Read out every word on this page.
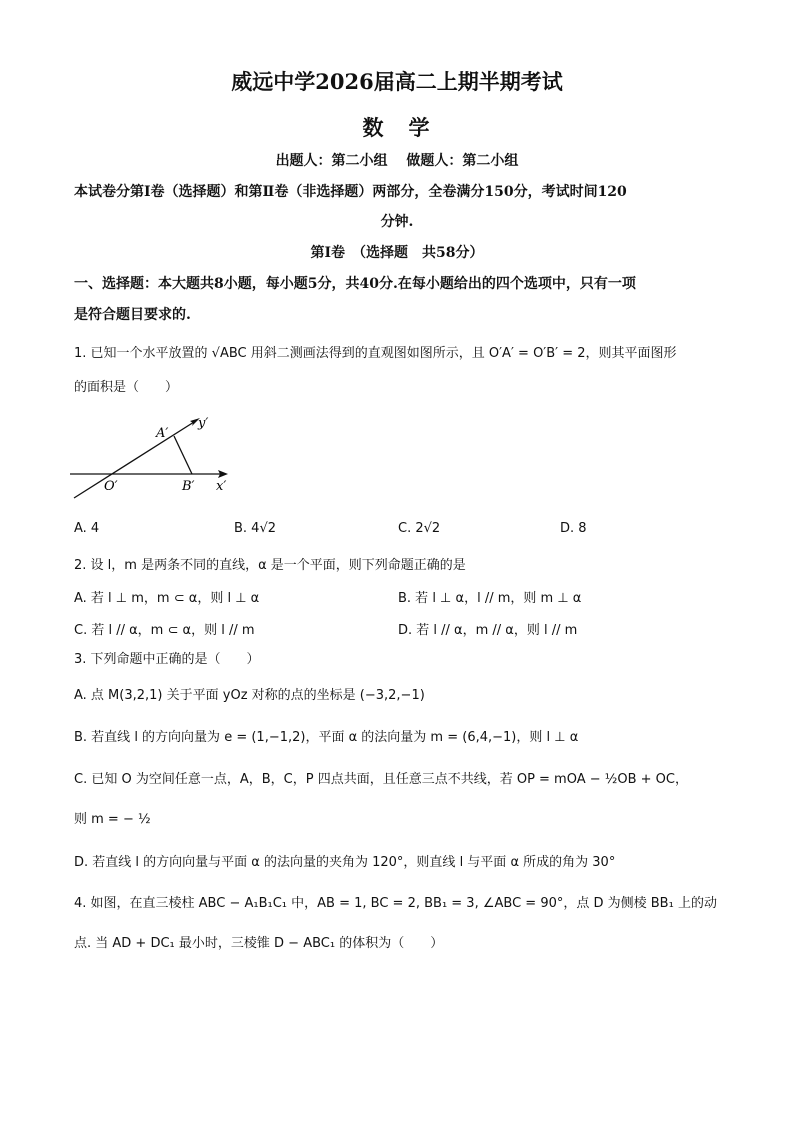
威远中学2026届高二上期半期考试
数　学
出题人：第二小组　 做题人：第二小组
本试卷分第Ⅰ卷（选择题）和第Ⅱ卷（非选择题）两部分，全卷满分150分，考试时间120
分钟.
第Ⅰ卷　（选择题　共58分）
一、选择题：本大题共8小题，每小题5分，共40分.在每小题给出的四个选项中，只有一项
是符合题目要求的.
1. 已知一个水平放置的 √ABC 用斜二测画法得到的直观图如图所示，且 O′A′ = O′B′ = 2，则其平面图形
的面积是（　　）
A′
y′
O′	B′ x′
A. 4	B. 4√2	C. 2√2	D. 8
2. 设 l，m 是两条不同的直线，α 是一个平面，则下列命题正确的是
A. 若 l ⊥ m，m ⊂ α，则 l ⊥ α	B. 若 l ⊥ α，l // m，则 m ⊥ α
C. 若 l // α，m ⊂ α，则 l // m	D. 若 l // α，m // α，则 l // m
3. 下列命题中正确的是（　　）
A. 点 M(3,2,1) 关于平面 yOz 对称的点的坐标是 (−3,2,−1)
B. 若直线 l 的方向向量为 e = (1,−1,2)，平面 α 的法向量为 m = (6,4,−1)，则 l ⊥ α
C. 已知 O 为空间任意一点，A，B，C，P 四点共面，且任意三点不共线，若 OP = mOA − ½OB + OC，
则 m = − ½
D. 若直线 l 的方向向量与平面 α 的法向量的夹角为 120°，则直线 l 与平面 α 所成的角为 30°
4. 如图，在直三棱柱 ABC − A₁B₁C₁ 中，AB = 1, BC = 2, BB₁ = 3, ∠ABC = 90°，点 D 为侧棱 BB₁ 上的动
点. 当 AD + DC₁ 最小时，三棱锥 D − ABC₁ 的体积为（　　）
